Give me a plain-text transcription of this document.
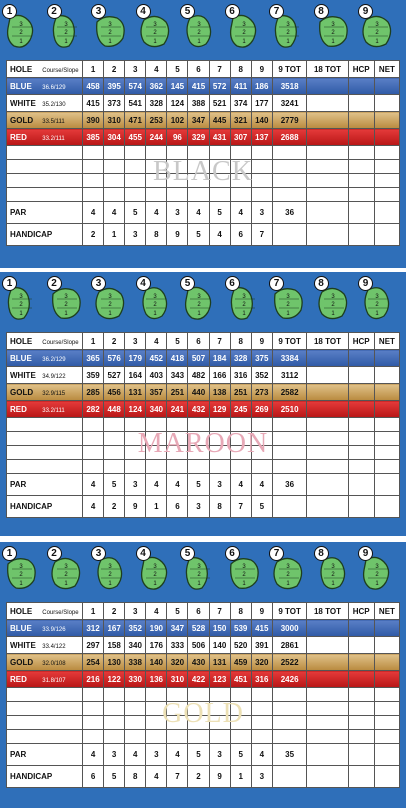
3
2
1
1
3
2
1
2
3
2
1
3
3
2
1
4
3
2
1
5
3
2
1
6
3
2
1
7
3
2
1
8
3
2
1
9
HOLE Course/Slope	1	2	3	4	5	6	7	8	9	9 TOT	18 TOT	HCP	NET
BLUE 36.6/129	458	395	574	362	145	415	572	411	186	3518			
WHITE 35.2/130	415	373	541	328	124	388	521	374	177	3241			
GOLD 33.5/111	390	310	471	253	102	347	445	321	140	2779			
RED 33.2/111	385	304	455	244	96	329	431	307	137	2688			

PAR	4	4	5	4	3	4	5	4	3	36			
HANDICAP	2	1	3	8	9	5	4	6	7				
BLACK
3
2
1
1
3
2
1
2
3
2
1
3
3
2
1
4
3
2
1
5
3
2
1
6
3
2
1
7
3
2
1
8
3
2
1
9
HOLE Course/Slope	1	2	3	4	5	6	7	8	9	9 TOT	18 TOT	HCP	NET
BLUE 36.2/129	365	576	179	452	418	507	184	328	375	3384			
WHITE 34.9/122	359	527	164	403	343	482	166	316	352	3112			
GOLD 32.9/115	285	456	131	357	251	440	138	251	273	2582			
RED 33.2/111	282	448	124	340	241	432	129	245	269	2510			

PAR	4	5	3	4	4	5	3	4	4	36			
HANDICAP	4	2	9	1	6	3	8	7	5				
MAROON
3
2
1
1
3
2
1
2
3
2
1
3
3
2
1
4
3
2
1
5
3
2
1
6
3
2
1
7
3
2
1
8
3
2
1
9
HOLE Course/Slope	1	2	3	4	5	6	7	8	9	9 TOT	18 TOT	HCP	NET
BLUE 33.9/126	312	167	352	190	347	528	150	539	415	3000			
WHITE 33.4/122	297	158	340	176	333	506	140	520	391	2861			
GOLD 32.0/108	254	130	338	140	320	430	131	459	320	2522			
RED 31.8/107	216	122	330	136	310	422	123	451	316	2426			

PAR	4	3	4	3	4	5	3	5	4	35			
HANDICAP	6	5	8	4	7	2	9	1	3				
GOLD
